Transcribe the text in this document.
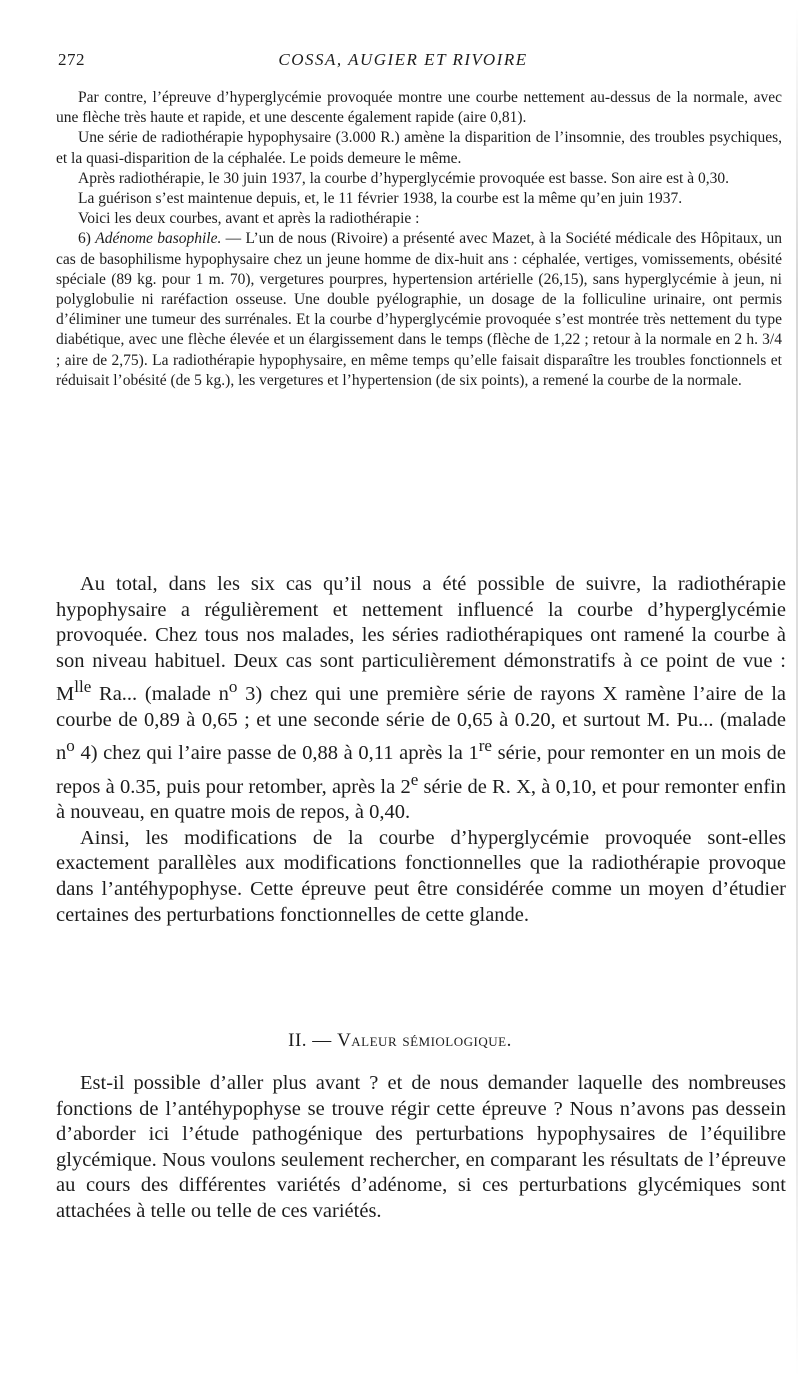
272	COSSA, AUGIER ET RIVOIRE

Par contre, l’épreuve d’hyperglycémie provoquée montre une courbe nettement au-dessus de la normale, avec une flèche très haute et rapide, et une descente également rapide (aire 0,81).

Une série de radiothérapie hypophysaire (3.000 R.) amène la disparition de l’insomnie, des troubles psychiques, et la quasi-disparition de la céphalée. Le poids demeure le même.

Après radiothérapie, le 30 juin 1937, la courbe d’hyperglycémie provoquée est basse. Son aire est à 0,30.

La guérison s’est maintenue depuis, et, le 11 février 1938, la courbe est la même qu’en juin 1937.

Voici les deux courbes, avant et après la radiothérapie :

6) Adénome basophile. — L’un de nous (Rivoire) a présenté avec Mazet, à la Société médicale des Hôpitaux, un cas de basophilisme hypophysaire chez un jeune homme de dix-huit ans : céphalée, vertiges, vomissements, obésité spéciale (89 kg. pour 1 m. 70), vergetures pourpres, hypertension artérielle (26,15), sans hyperglycémie à jeun, ni polyglobulie ni raréfaction osseuse. Une double pyélographie, un dosage de la folliculine urinaire, ont permis d’éliminer une tumeur des surrénales. Et la courbe d’hyperglycémie provoquée s’est montrée très nettement du type diabétique, avec une flèche élevée et un élargissement dans le temps (flèche de 1,22 ; retour à la normale en 2 h. 3/4 ; aire de 2,75). La radiothérapie hypophysaire, en même temps qu’elle faisait disparaître les troubles fonctionnels et réduisait l’obésité (de 5 kg.), les vergetures et l’hypertension (de six points), a remené la courbe de la normale.

Au total, dans les six cas qu’il nous a été possible de suivre, la radiothérapie hypophysaire a régulièrement et nettement influencé la courbe d’hyperglycémie provoquée. Chez tous nos malades, les séries radiothérapiques ont ramené la courbe à son niveau habituel. Deux cas sont particulièrement démonstratifs à ce point de vue : $M^{lle}$ Ra... (malade $n^o$ 3) chez qui une première série de rayons X ramène l’aire de la courbe de 0,89 à 0,65 ; et une seconde série de 0,65 à 0.20, et surtout M. Pu... (malade $n^o$ 4) chez qui l’aire passe de 0,88 à 0,11 après la 1re série, pour remonter en un mois de repos à 0.35, puis pour retomber, après la 2e série de R. X, à 0,10, et pour remonter enfin à nouveau, en quatre mois de repos, à 0,40.

Ainsi, les modifications de la courbe d’hyperglycémie provoquée sont-elles exactement parallèles aux modifications fonctionnelles que la radiothérapie provoque dans l’antéhypophyse. Cette épreuve peut être considérée comme un moyen d’étudier certaines des perturbations fonctionnelles de cette glande.

II. — Valeur sémiologique.

Est-il possible d’aller plus avant ? et de nous demander laquelle des nombreuses fonctions de l’antéhypophyse se trouve régir cette épreuve ? Nous n’avons pas dessein d’aborder ici l’étude pathogénique des perturbations hypophysaires de l’équilibre glycémique. Nous voulons seulement rechercher, en comparant les résultats de l’épreuve au cours des différentes variétés d’adénome, si ces perturbations glycémiques sont attachées à telle ou telle de ces variétés.
